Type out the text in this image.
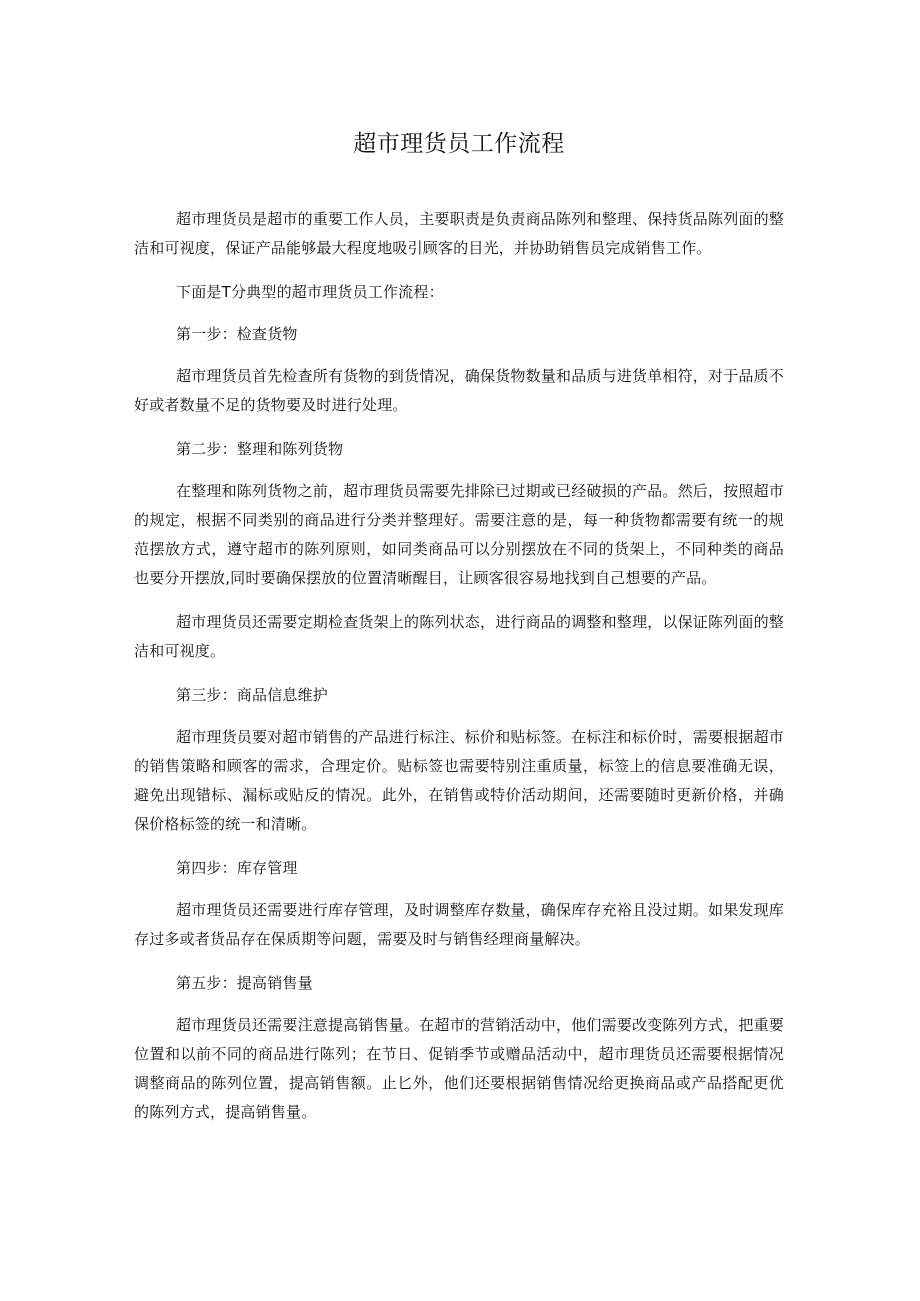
超市理货员工作流程

超市理货员是超市的重要工作人员，主要职责是负责商品陈列和整理、保持货品陈列面的整洁和可视度，保证产品能够最大程度地吸引顾客的目光，并协助销售员完成销售工作。

下面是T分典型的超市理货员工作流程：

第一步：检查货物

超市理货员首先检查所有货物的到货情况，确保货物数量和品质与进货单相符，对于品质不好或者数量不足的货物要及时进行处理。

第二步：整理和陈列货物

在整理和陈列货物之前，超市理货员需要先排除已过期或已经破损的产品。然后，按照超市的规定，根据不同类别的商品进行分类并整理好。需要注意的是，每一种货物都需要有统一的规范摆放方式，遵守超市的陈列原则，如同类商品可以分别摆放在不同的货架上，不同种类的商品也要分开摆放,同时要确保摆放的位置清晰醒目，让顾客很容易地找到自己想要的产品。

超市理货员还需要定期检查货架上的陈列状态，进行商品的调整和整理，以保证陈列面的整洁和可视度。

第三步：商品信息维护

超市理货员要对超市销售的产品进行标注、标价和贴标签。在标注和标价时，需要根据超市的销售策略和顾客的需求，合理定价。贴标签也需要特别注重质量，标签上的信息要准确无误，避免出现错标、漏标或贴反的情况。此外，在销售或特价活动期间，还需要随时更新价格，并确保价格标签的统一和清晰。

第四步：库存管理

超市理货员还需要进行库存管理，及时调整库存数量，确保库存充裕且没过期。如果发现库存过多或者货品存在保质期等问题，需要及时与销售经理商量解决。

第五步：提高销售量

超市理货员还需要注意提高销售量。在超市的营销活动中，他们需要改变陈列方式，把重要位置和以前不同的商品进行陈列；在节日、促销季节或赠品活动中，超市理货员还需要根据情况调整商品的陈列位置，提高销售额。止匕外，他们还要根据销售情况给更换商品或产品搭配更优的陈列方式，提高销售量。
